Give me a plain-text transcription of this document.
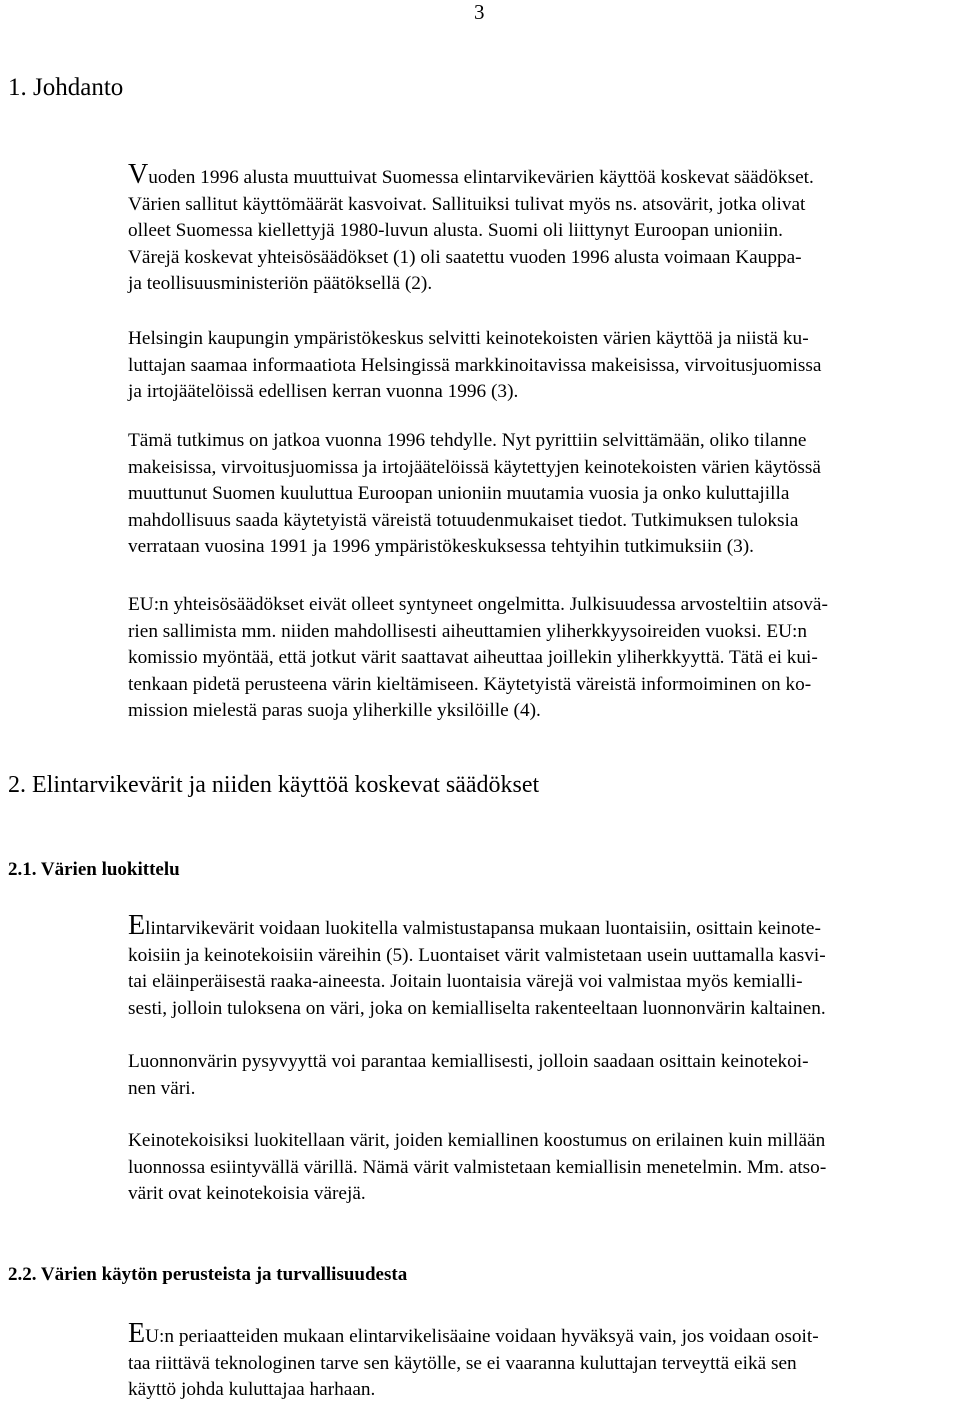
3
1. Johdanto
Vuoden 1996 alusta muuttuivat Suomessa elintarvikevärien käyttöä koskevat säädökset.
Värien sallitut käyttömäärät kasvoivat. Sallituiksi tulivat myös ns. atsovärit, jotka olivat
olleet Suomessa kiellettyjä 1980-luvun alusta. Suomi oli liittynyt Euroopan unioniin.
Värejä koskevat yhteisösäädökset (1) oli saatettu vuoden 1996 alusta voimaan Kauppa-
ja teollisuusministeriön päätöksellä (2).
Helsingin kaupungin ympäristökeskus selvitti keinotekoisten värien käyttöä ja niistä ku-
luttajan saamaa informaatiota Helsingissä markkinoitavissa makeisissa, virvoitusjuomissa
ja irtojäätelöissä edellisen kerran vuonna 1996 (3).
Tämä tutkimus on jatkoa vuonna 1996 tehdylle. Nyt pyrittiin selvittämään, oliko tilanne
makeisissa, virvoitusjuomissa ja irtojäätelöissä käytettyjen keinotekoisten värien käytössä
muuttunut Suomen kuuluttua Euroopan unioniin muutamia vuosia ja onko kuluttajilla
mahdollisuus saada käytetyistä väreistä totuudenmukaiset tiedot. Tutkimuksen tuloksia
verrataan vuosina 1991 ja 1996 ympäristökeskuksessa tehtyihin tutkimuksiin (3).
EU:n yhteisösäädökset eivät olleet syntyneet ongelmitta. Julkisuudessa arvosteltiin atsovä-
rien sallimista mm. niiden mahdollisesti aiheuttamien yliherkkyysoireiden vuoksi. EU:n
komissio myöntää, että jotkut värit saattavat aiheuttaa joillekin yliherkkyyttä. Tätä ei kui-
tenkaan pidetä perusteena värin kieltämiseen. Käytetyistä väreistä informoiminen on ko-
mission mielestä paras suoja yliherkille yksilöille (4).
2. Elintarvikevärit ja niiden käyttöä koskevat säädökset
2.1. Värien luokittelu
Elintarvikevärit voidaan luokitella valmistustapansa mukaan luontaisiin, osittain keinote-
koisiin ja keinotekoisiin väreihin (5). Luontaiset värit valmistetaan usein uuttamalla kasvi-
tai eläinperäisestä raaka-aineesta. Joitain luontaisia värejä voi valmistaa myös kemialli-
sesti, jolloin tuloksena on väri, joka on kemialliselta rakenteeltaan luonnonvärin kaltainen.
Luonnonvärin pysyvyyttä voi parantaa kemiallisesti, jolloin saadaan osittain keinotekoi-
nen väri.
Keinotekoisiksi luokitellaan värit, joiden kemiallinen koostumus on erilainen kuin millään
luonnossa esiintyvällä värillä. Nämä värit valmistetaan kemiallisin menetelmin. Mm. atso-
värit ovat keinotekoisia värejä.
2.2. Värien käytön perusteista ja turvallisuudesta
EU:n periaatteiden mukaan elintarvikelisäaine voidaan hyväksyä vain, jos voidaan osoit-
taa riittävä teknologinen tarve sen käytölle, se ei vaaranna kuluttajan terveyttä eikä sen
käyttö johda kuluttajaa harhaan.
